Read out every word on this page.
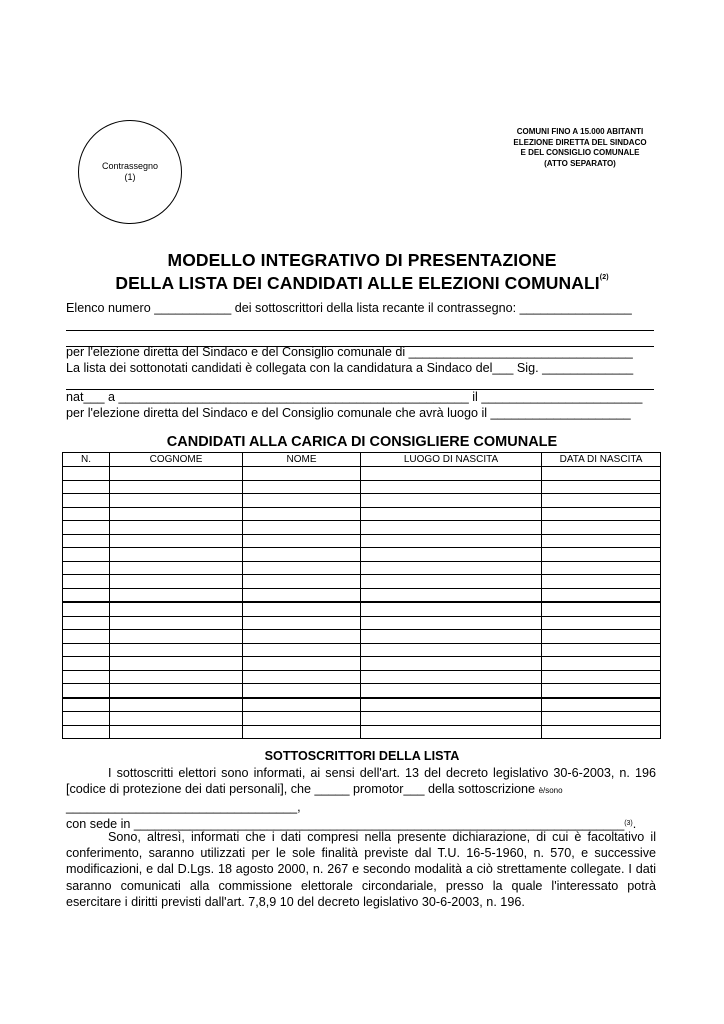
Contrassegno
(1)
COMUNI FINO A 15.000 ABITANTI
ELEZIONE DIRETTA DEL SINDACO
E DEL CONSIGLIO COMUNALE
(ATTO SEPARATO)
MODELLO INTEGRATIVO DI PRESENTAZIONE
DELLA LISTA DEI CANDIDATI ALLE ELEZIONI COMUNALI$^{(2)}$
Elenco numero ___________ dei sottoscrittori della lista recante il contrassegno: ________________
per l'elezione diretta del Sindaco e del Consiglio comunale di ________________________________
La lista dei sottonotati candidati è collegata con la candidatura a Sindaco del___ Sig. _____________
nat___ a __________________________________________________ il _______________________
per l'elezione diretta del Sindaco e del Consiglio comunale che avrà luogo il ____________________
CANDIDATI ALLA CARICA DI CONSIGLIERE COMUNALE
N.	COGNOME	NOME	LUOGO DI NASCITA	DATA DI NASCITA

SOTTOSCRITTORI DELLA LISTA
I sottoscritti elettori sono informati, ai sensi dell'art. 13 del decreto legislativo 30-6-2003, n. 196 [codice di protezione dei dati personali], che _____ promotor___ della sottoscrizione è/sono
_________________________________,
con sede in ______________________________________________________________________$^{(3)}$.
Sono, altresì, informati che i dati compresi nella presente dichiarazione, di cui è facoltativo il conferimento, saranno utilizzati per le sole finalità previste dal T.U. 16-5-1960, n. 570, e successive modificazioni, e dal D.Lgs. 18 agosto 2000, n. 267 e secondo modalità a ciò strettamente collegate. I dati saranno comunicati alla commissione elettorale circondariale, presso la quale l'interessato potrà esercitare i diritti previsti dall'art. 7,8,9 10 del decreto legislativo 30-6-2003, n. 196.
